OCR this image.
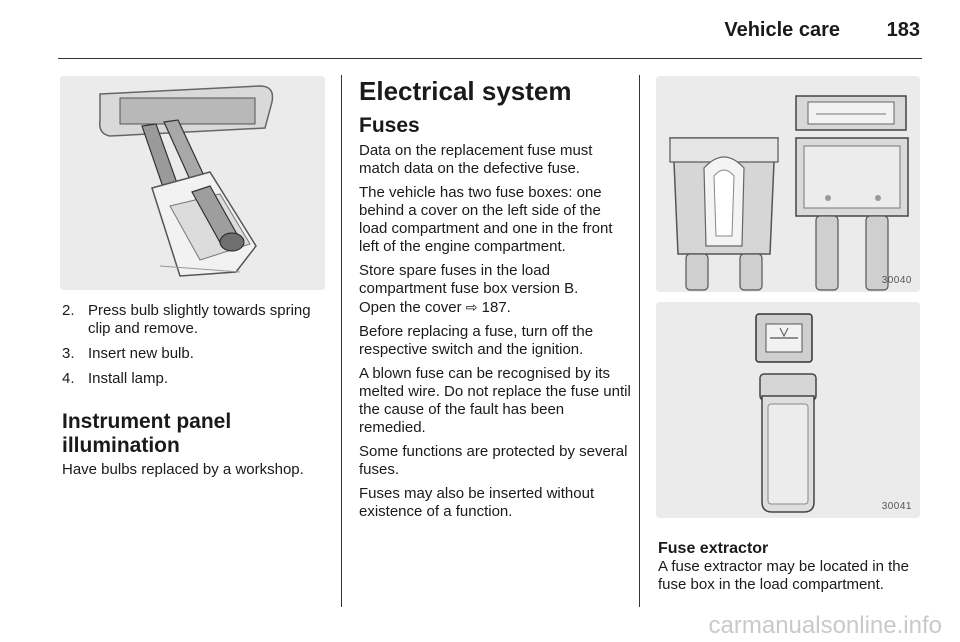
Vehicle care 183
2. Press bulb slightly towards spring clip and remove.
3. Insert new bulb.
4. Install lamp.
Instrument panel illumination

Have bulbs replaced by a workshop.

Electrical system
Fuses

Data on the replacement fuse must match data on the defective fuse.

The vehicle has two fuse boxes: one behind a cover on the left side of the load compartment and one in the front left of the engine compartment.

Store spare fuses in the load compartment fuse box version B.

Open the cover ⇨ 187.

Before replacing a fuse, turn off the respective switch and the ignition.

A blown fuse can be recognised by its melted wire. Do not replace the fuse until the cause of the fault has been remedied.

Some functions are protected by several fuses.

Fuses may also be inserted without existence of a function.

30040
30041
Fuse extractor

A fuse extractor may be located in the fuse box in the load compartment.

carmanualsonline.info
